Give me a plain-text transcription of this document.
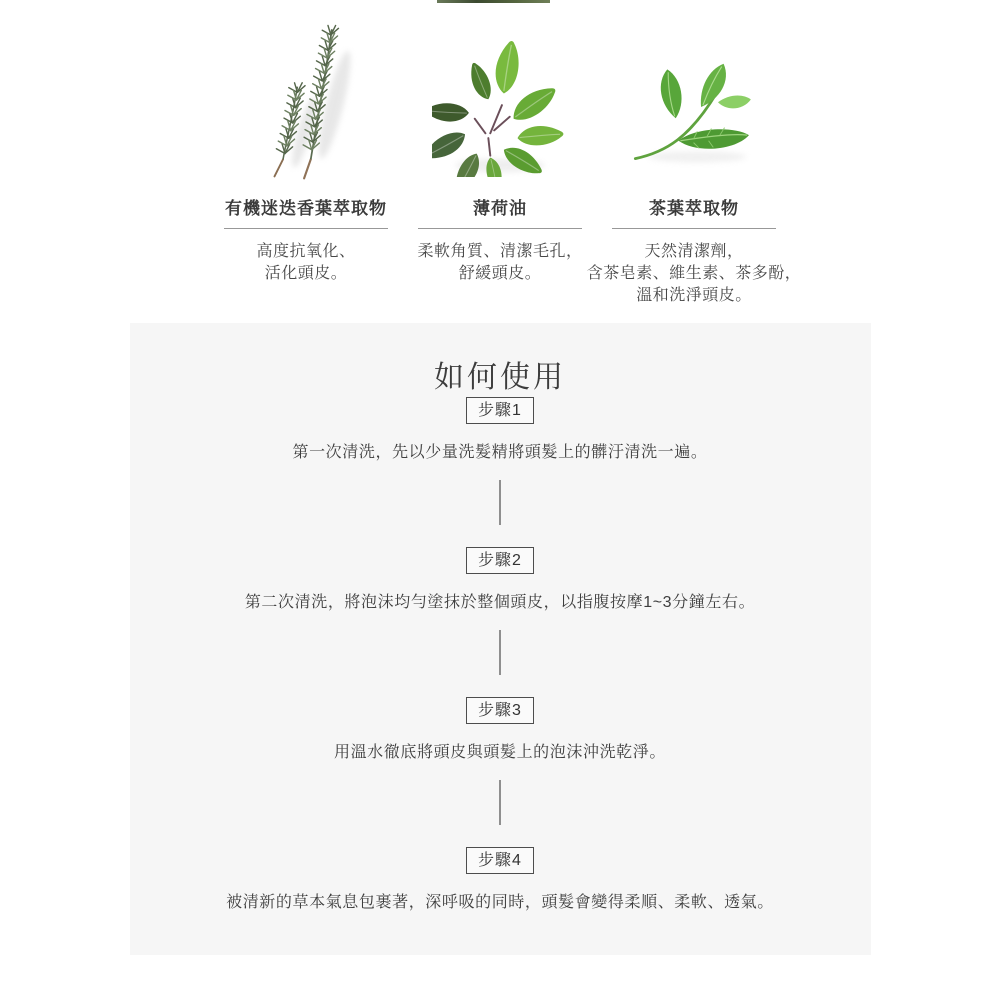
有機迷迭香葉萃取物
高度抗氧化、
活化頭皮。
薄荷油
柔軟角質、清潔毛孔，
舒緩頭皮。
茶葉萃取物
天然清潔劑，
含茶皂素、維生素、茶多酚，
溫和洗淨頭皮。
如何使用
步驟1
第一次清洗，先以少量洗髮精將頭髮上的髒汙清洗一遍。
步驟2
第二次清洗，將泡沫均勻塗抹於整個頭皮，以指腹按摩1~3分鐘左右。
步驟3
用溫水徹底將頭皮與頭髮上的泡沫沖洗乾淨。
步驟4
被清新的草本氣息包裹著，深呼吸的同時，頭髮會變得柔順、柔軟、透氣。
